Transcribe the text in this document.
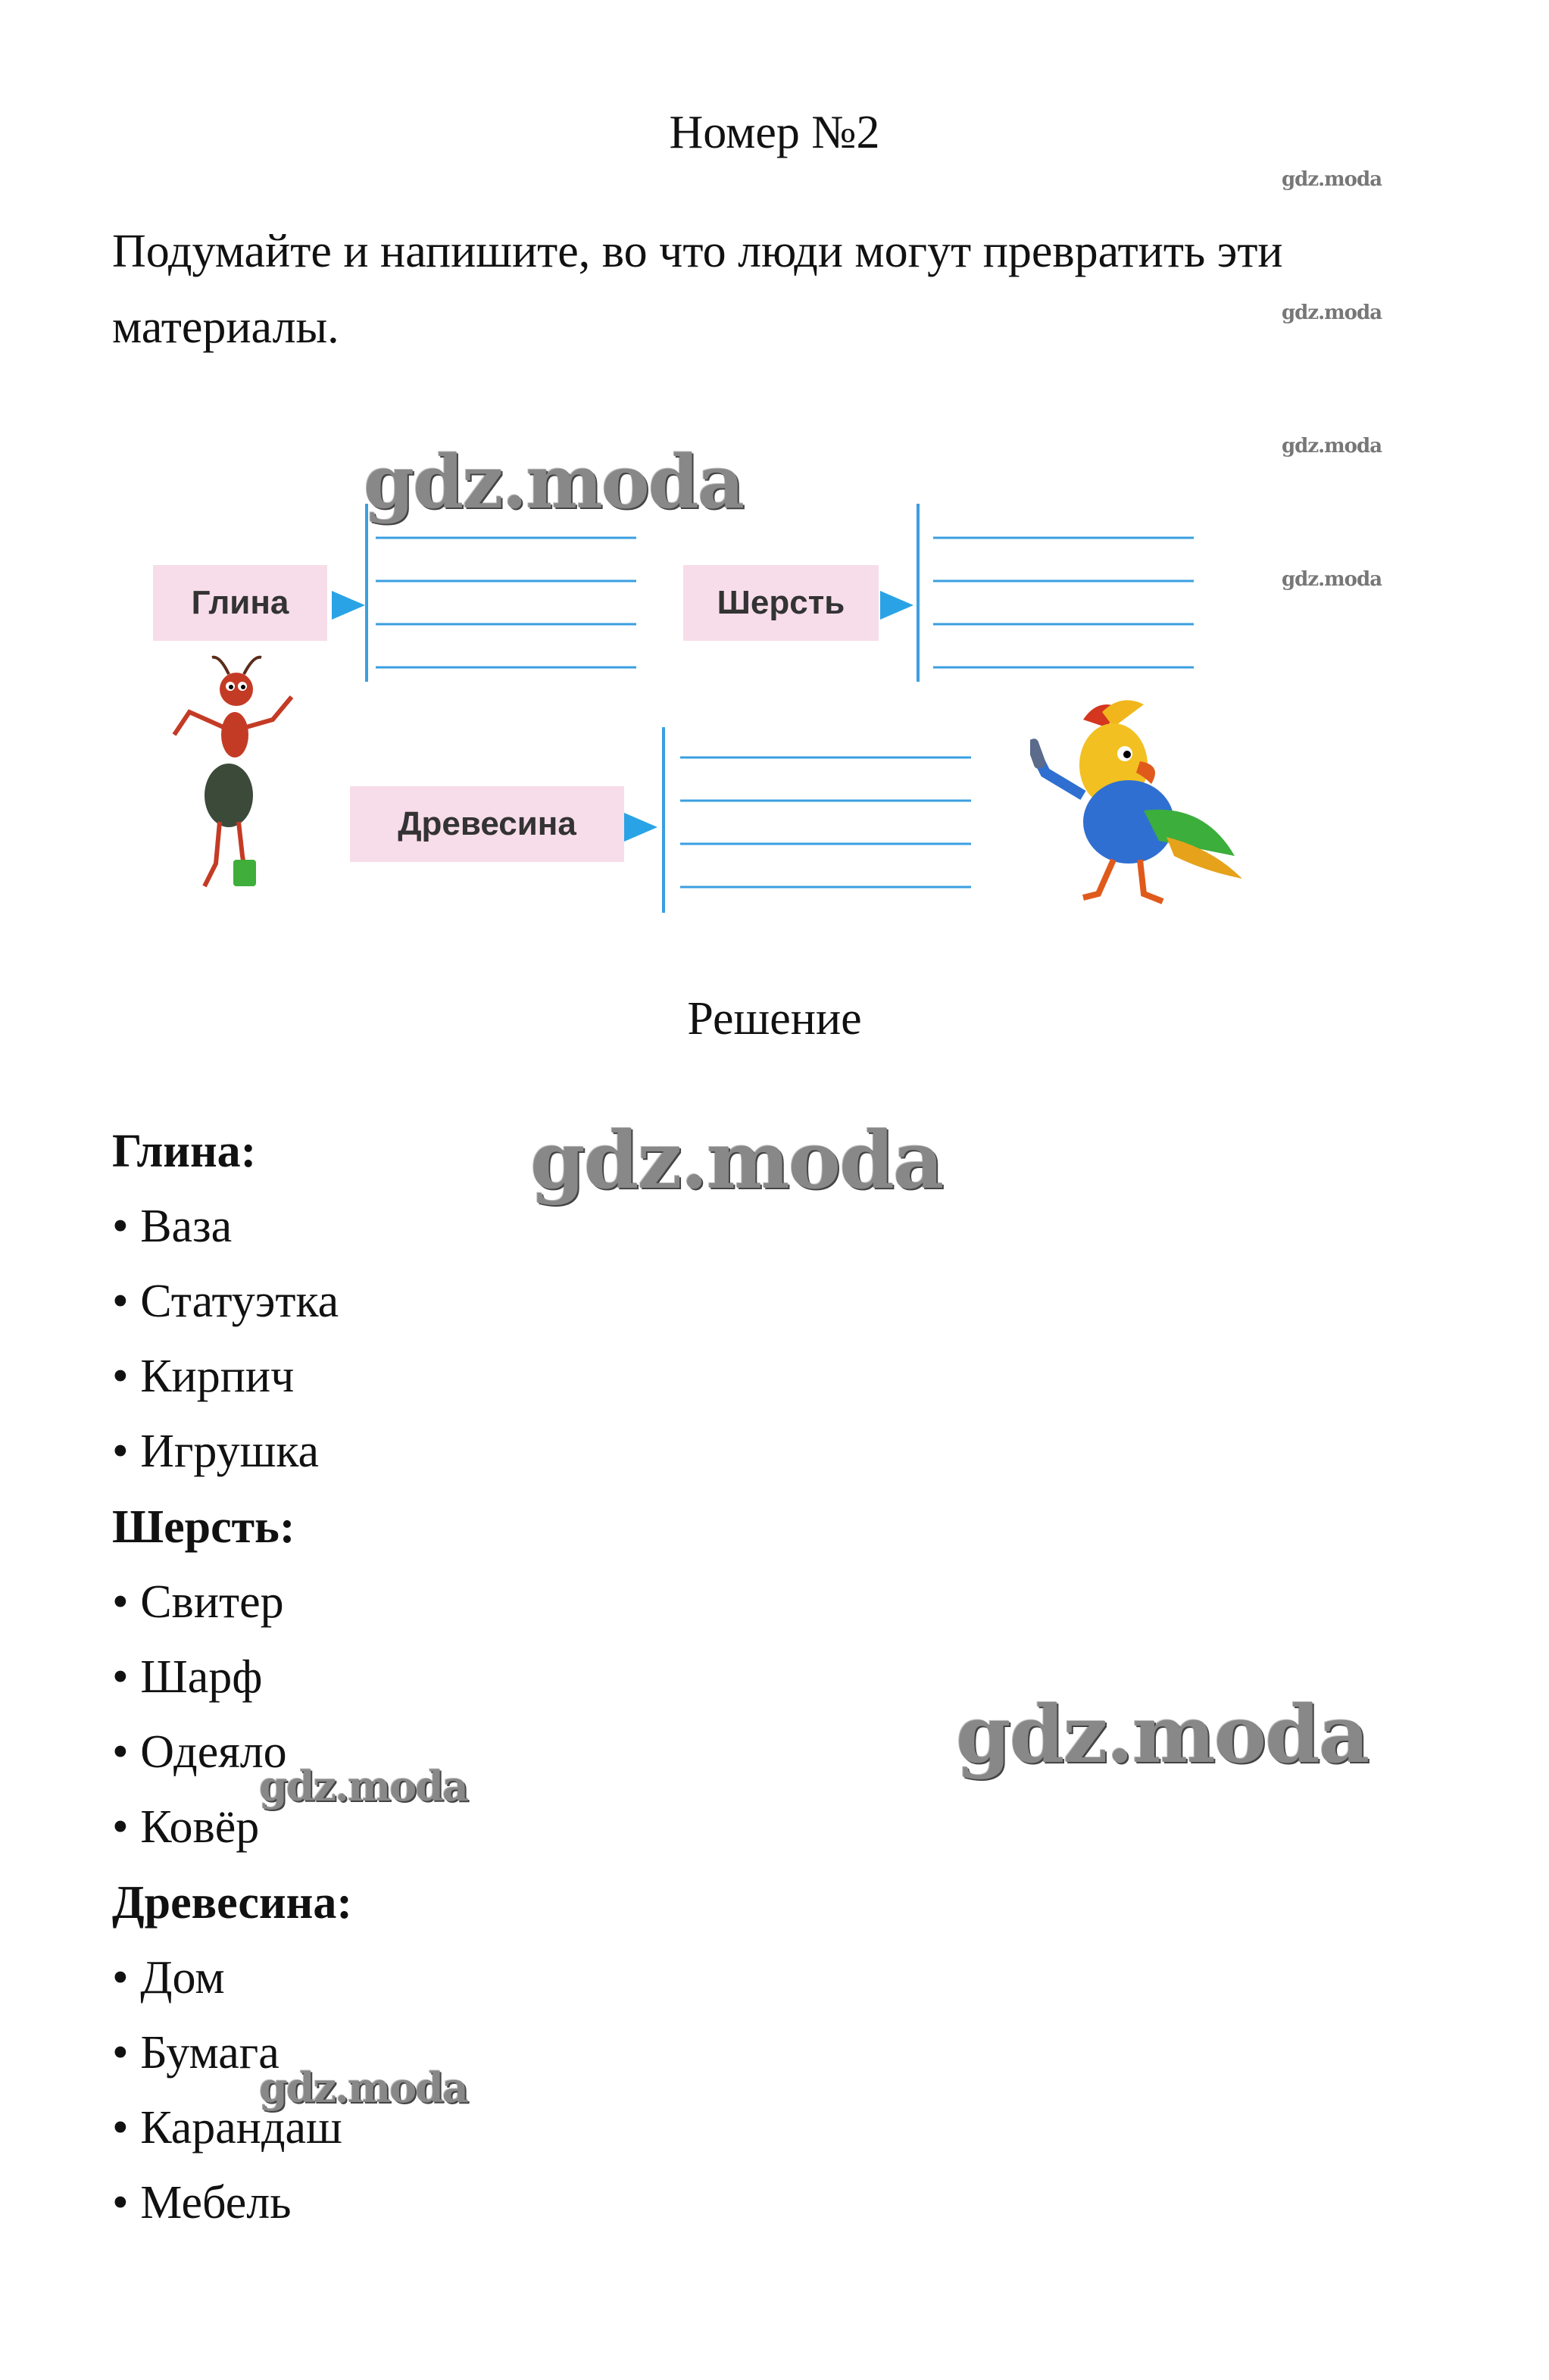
Номер №2
gdz.moda
gdz.moda
gdz.moda
gdz.moda
Подумайте и напишите, во что люди могут превратить эти материалы.
Глина	Шерсть
Древесина
gdz.moda
Решение
Глина:
• Ваза
• Статуэтка
• Кирпич
• Игрушка
Шерсть:
• Свитер
• Шарф
• Одеяло
• Ковёр
Древесина:
• Дом
• Бумага
• Карандаш
• Мебель
gdz.moda
gdz.moda
gdz.moda
gdz.moda
